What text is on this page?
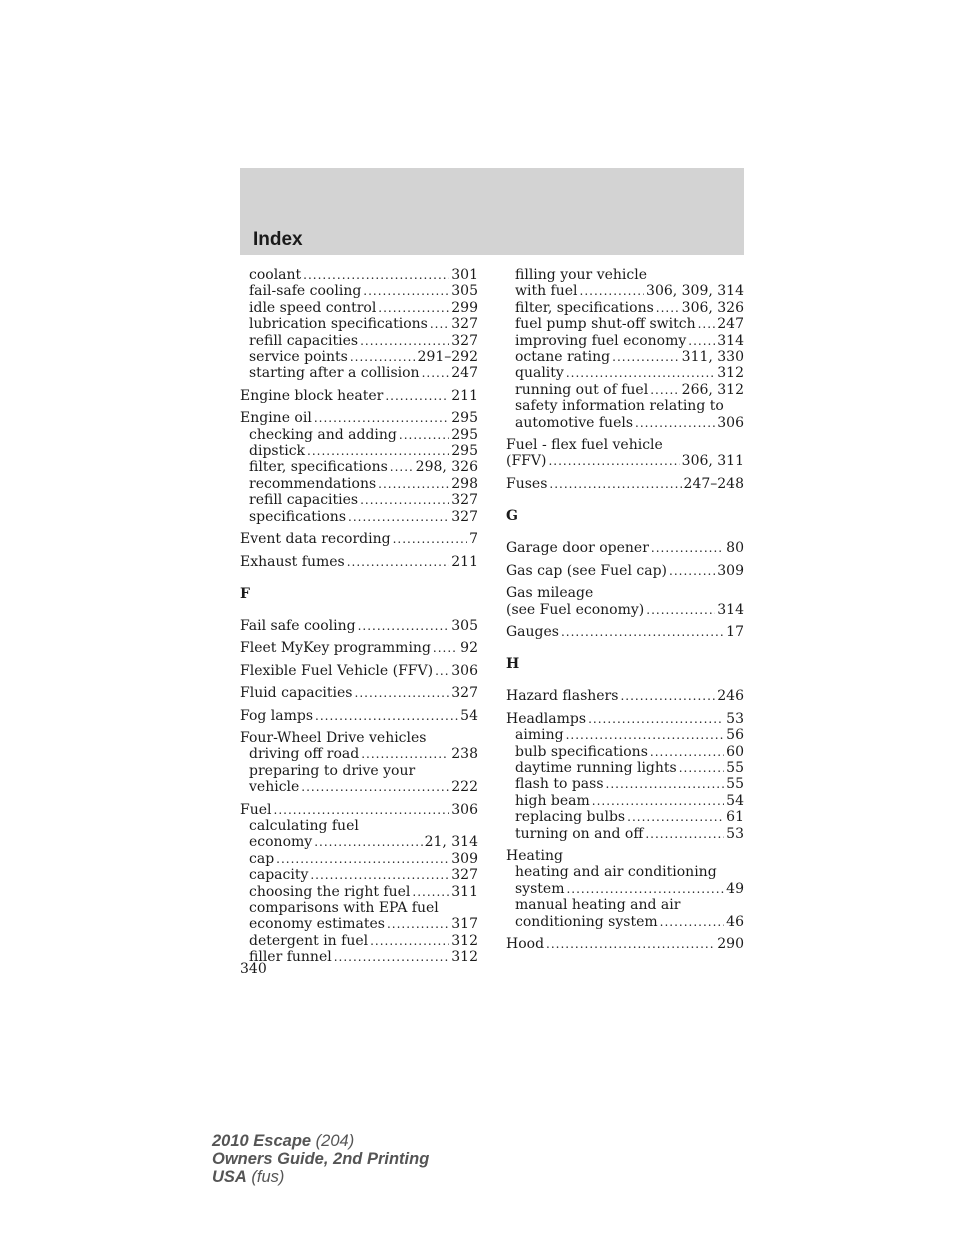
Index
coolant .....	301
fail-safe cooling .....	305
idle speed control .....	299
lubrication specifications ..... 327
refill capacities .....	327
service points .....	291–292
starting after a collision ..... 247
Engine block heater .....	211
Engine oil .....	295
checking and adding .....	295
dipstick .....	295
filter, specifications ..... 298, 326
recommendations .....	298
refill capacities .....	327
specifications .....	327
Event data recording .....	7
Exhaust fumes .....	211
F
Fail safe cooling .....	305
Fleet MyKey programming ..... 92
Flexible Fuel Vehicle (FFV) ..... 306
Fluid capacities .....	327
Fog lamps .....	54
Four-Wheel Drive vehicles
driving off road .....	238
preparing to drive your
vehicle .....	222
Fuel .....	306
calculating fuel
economy .....	21, 314
cap .....	309
capacity .....	327
choosing the right fuel .....	311
comparisons with EPA fuel
economy estimates .....	317
detergent in fuel .....	312
filler funnel .....	312
filling your vehicle
with fuel .....	306, 309, 314
filter, specifications ..... 306, 326
fuel pump shut-off switch ..... 247
improving fuel economy ..... 314
octane rating .....	311, 330
quality .....	312
running out of fuel ..... 266, 312
safety information relating to
automotive fuels .....	306
Fuel - flex fuel vehicle
(FFV) .....	306, 311
Fuses .....	247–248
G
Garage door opener .....	80
Gas cap (see Fuel cap) .....	309
Gas mileage
(see Fuel economy) .....	314
Gauges .....	17
H
Hazard flashers .....	246
Headlamps .....	53
aiming .....	56
bulb specifications .....	60
daytime running lights .....	55
flash to pass .....	55
high beam .....	54
replacing bulbs .....	61
turning on and off .....	53
Heating
heating and air conditioning
system .....	49
manual heating and air
conditioning system .....	46
Hood .....	290
340
2010 Escape (204)
Owners Guide, 2nd Printing
USA (fus)
